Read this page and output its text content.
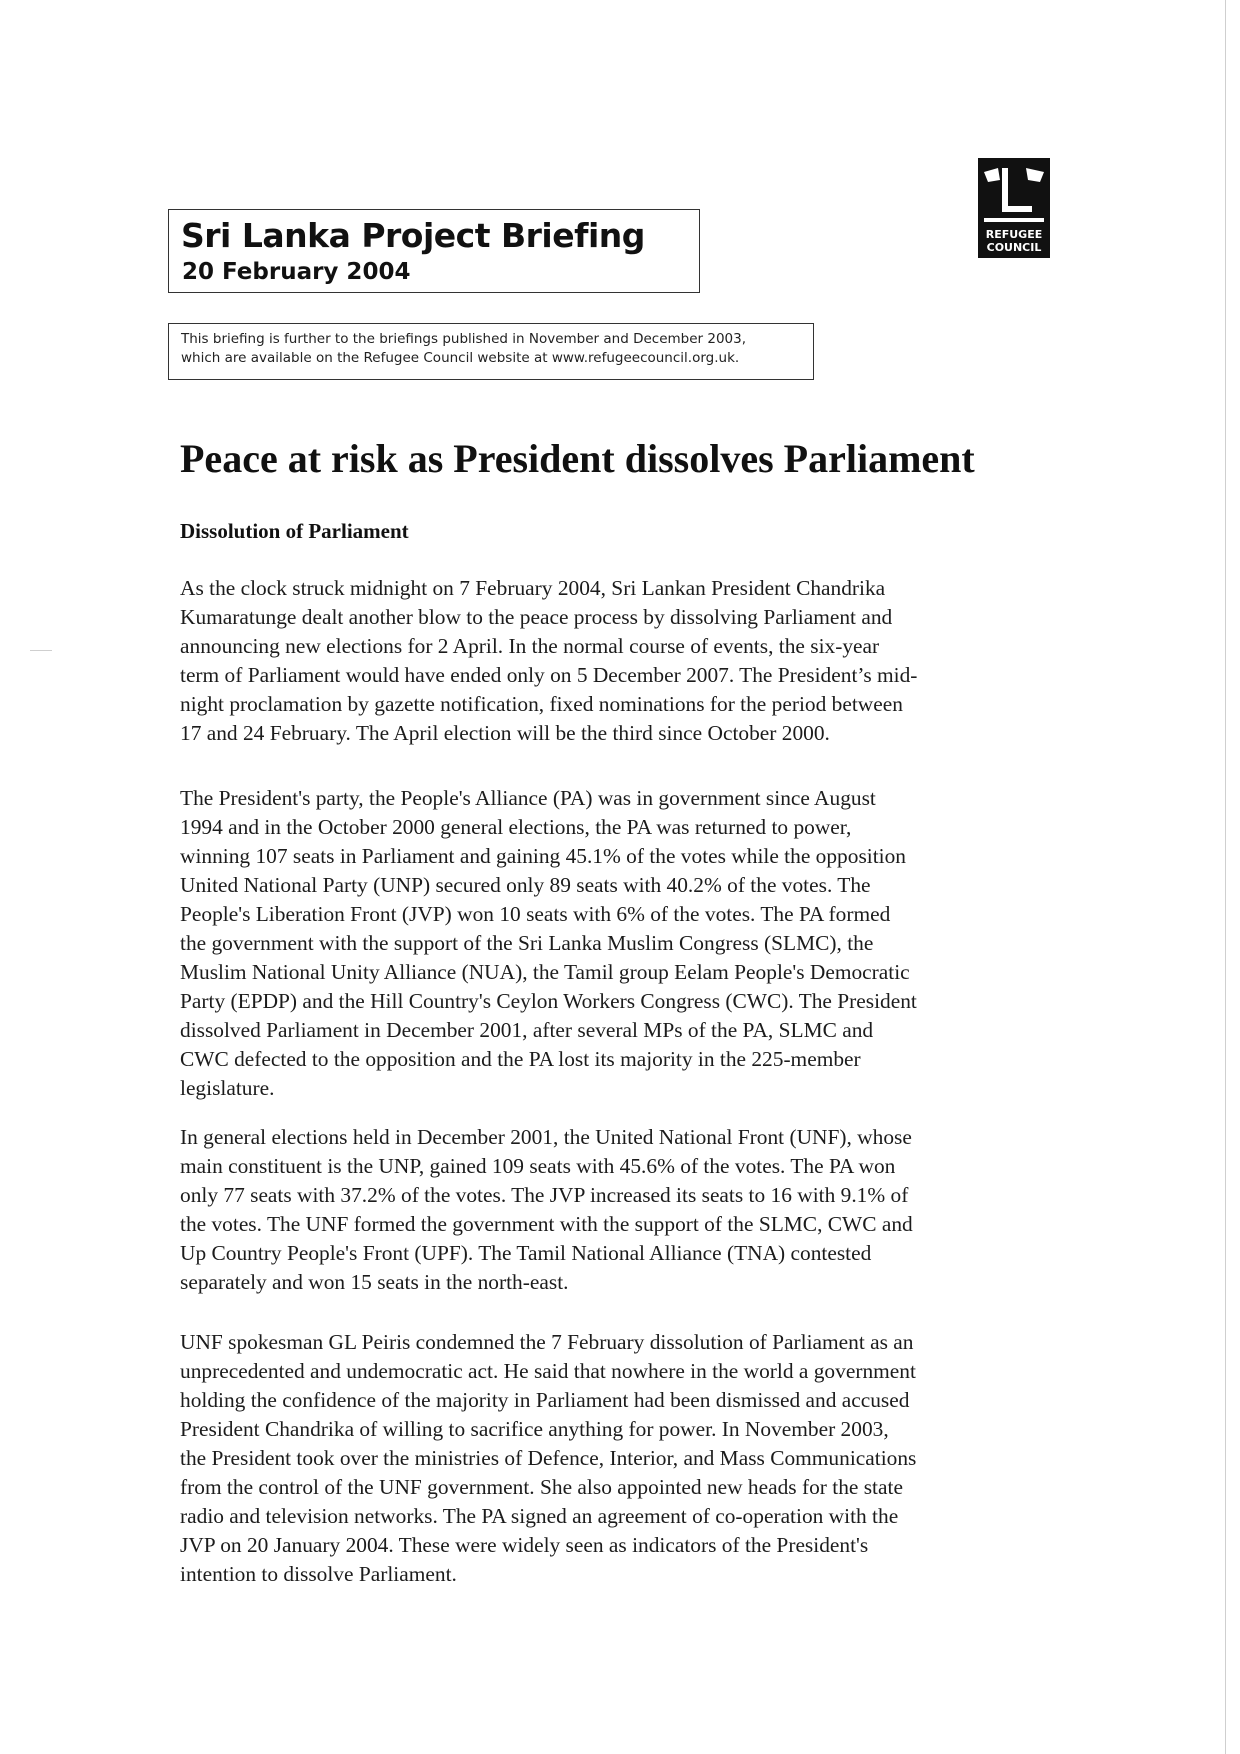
Sri Lanka Project Briefing
20 February 2004
REFUGEE
COUNCIL
This briefing is further to the briefings published in November and December 2003,
which are available on the Refugee Council website at www.refugeecouncil.org.uk.
Peace at risk as President dissolves Parliament
Dissolution of Parliament
As the clock struck midnight on 7 February 2004, Sri Lankan President Chandrika
Kumaratunge dealt another blow to the peace process by dissolving Parliament and
announcing new elections for 2 April. In the normal course of events, the six-year
term of Parliament would have ended only on 5 December 2007. The President’s mid-
night proclamation by gazette notification, fixed nominations for the period between
17 and 24 February. The April election will be the third since October 2000.
The President's party, the People's Alliance (PA) was in government since August
1994 and in the October 2000 general elections, the PA was returned to power,
winning 107 seats in Parliament and gaining 45.1% of the votes while the opposition
United National Party (UNP) secured only 89 seats with 40.2% of the votes. The
People's Liberation Front (JVP) won 10 seats with 6% of the votes. The PA formed
the government with the support of the Sri Lanka Muslim Congress (SLMC), the
Muslim National Unity Alliance (NUA), the Tamil group Eelam People's Democratic
Party (EPDP) and the Hill Country's Ceylon Workers Congress (CWC). The President
dissolved Parliament in December 2001, after several MPs of the PA, SLMC and
CWC defected to the opposition and the PA lost its majority in the 225-member
legislature.
In general elections held in December 2001, the United National Front (UNF), whose
main constituent is the UNP, gained 109 seats with 45.6% of the votes. The PA won
only 77 seats with 37.2% of the votes. The JVP increased its seats to 16 with 9.1% of
the votes. The UNF formed the government with the support of the SLMC, CWC and
Up Country People's Front (UPF). The Tamil National Alliance (TNA) contested
separately and won 15 seats in the north-east.
UNF spokesman GL Peiris condemned the 7 February dissolution of Parliament as an
unprecedented and undemocratic act. He said that nowhere in the world a government
holding the confidence of the majority in Parliament had been dismissed and accused
President Chandrika of willing to sacrifice anything for power. In November 2003,
the President took over the ministries of Defence, Interior, and Mass Communications
from the control of the UNF government. She also appointed new heads for the state
radio and television networks. The PA signed an agreement of co-operation with the
JVP on 20 January 2004. These were widely seen as indicators of the President's
intention to dissolve Parliament.
